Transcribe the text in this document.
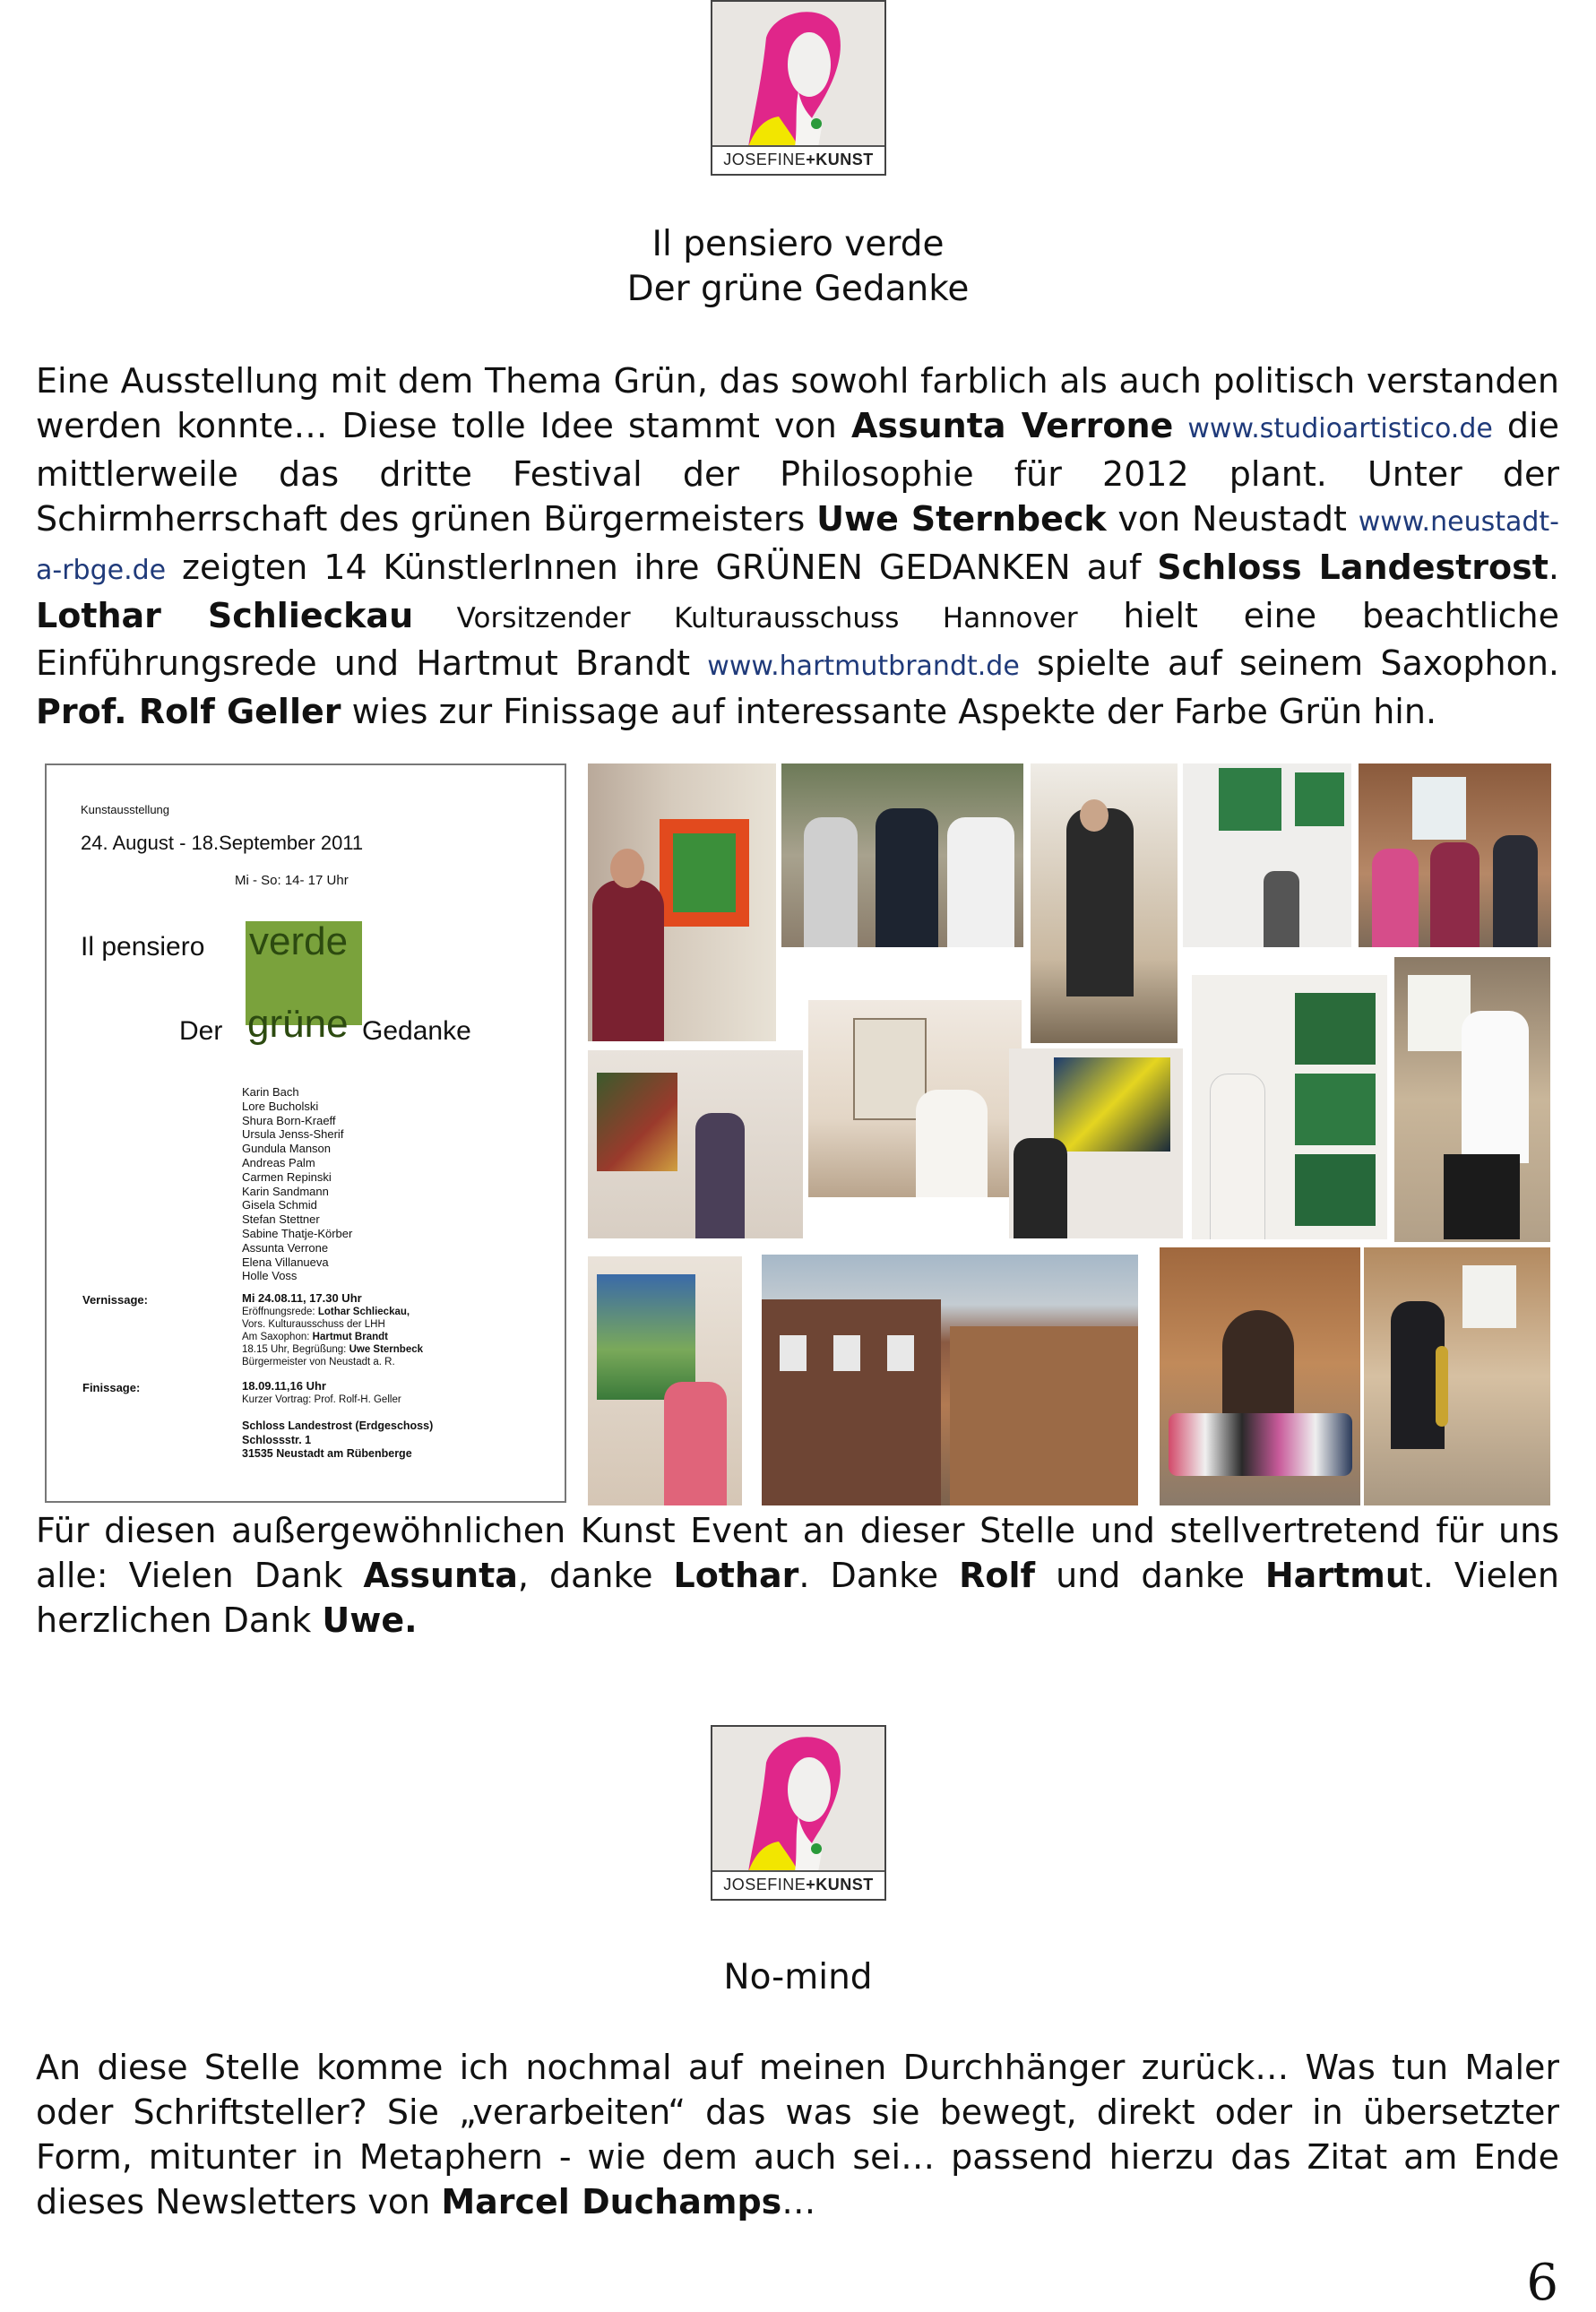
JOSEFINE+KUNST
Il pensiero verde
Der grüne Gedanke
Eine Ausstellung mit dem Thema Grün, das sowohl farblich als auch politisch verstanden werden konnte… Diese tolle Idee stammt von Assunta Verrone www.studioartistico.de die mittlerweile das dritte Festival der Philosophie für 2012 plant. Unter der Schirmherrschaft des grünen Bürgermeisters Uwe Sternbeck von Neustadt www.neustadt-a-rbge.de zeigten 14 KünstlerInnen ihre GRÜNEN GEDANKEN auf Schloss Landestrost. Lothar Schlieckau Vorsitzender Kulturausschuss Hannover hielt eine beachtliche Einführungsrede und Hartmut Brandt www.hartmutbrandt.de spielte auf seinem Saxophon. Prof. Rolf Geller wies zur Finissage auf interessante Aspekte der Farbe Grün hin.
Kunstausstellung
24. August - 18.September 2011
Mi - So: 14- 17 Uhr
Il pensiero verde
Der grüne Gedanke
Karin Bach
Lore Bucholski
Shura Born-Kraeff
Ursula Jenss-Sherif
Gundula Manson
Andreas Palm
Carmen Repinski
Karin Sandmann
Gisela Schmid
Stefan Stettner
Sabine Thatje-Körber
Assunta Verrone
Elena Villanueva
Holle Voss
Vernissage:	Mi 24.08.11, 17.30 Uhr
Eröffnungsrede: Lothar Schlieckau,
Vors. Kulturausschuss der LHH
Am Saxophon: Hartmut Brandt
18.15 Uhr, Begrüßung: Uwe Sternbeck
Bürgermeister von Neustadt a. R.
Finissage:	18.09.11,16 Uhr
Kurzer Vortrag: Prof. Rolf-H. Geller
Schloss Landestrost (Erdgeschoss)
Schlossstr. 1
31535 Neustadt am Rübenberge
Für diesen außergewöhnlichen Kunst Event an dieser Stelle und stellvertretend für uns alle: Vielen Dank Assunta, danke Lothar. Danke Rolf und danke Hartmut. Vielen herzlichen Dank Uwe.
JOSEFINE+KUNST
No-mind
An diese Stelle komme ich nochmal auf meinen Durchhänger zurück… Was tun Maler oder Schriftsteller? Sie „verarbeiten“ das was sie bewegt, direkt oder in übersetzter Form, mitunter in Metaphern - wie dem auch sei… passend hierzu das Zitat am Ende dieses Newsletters von Marcel Duchamps…
6
